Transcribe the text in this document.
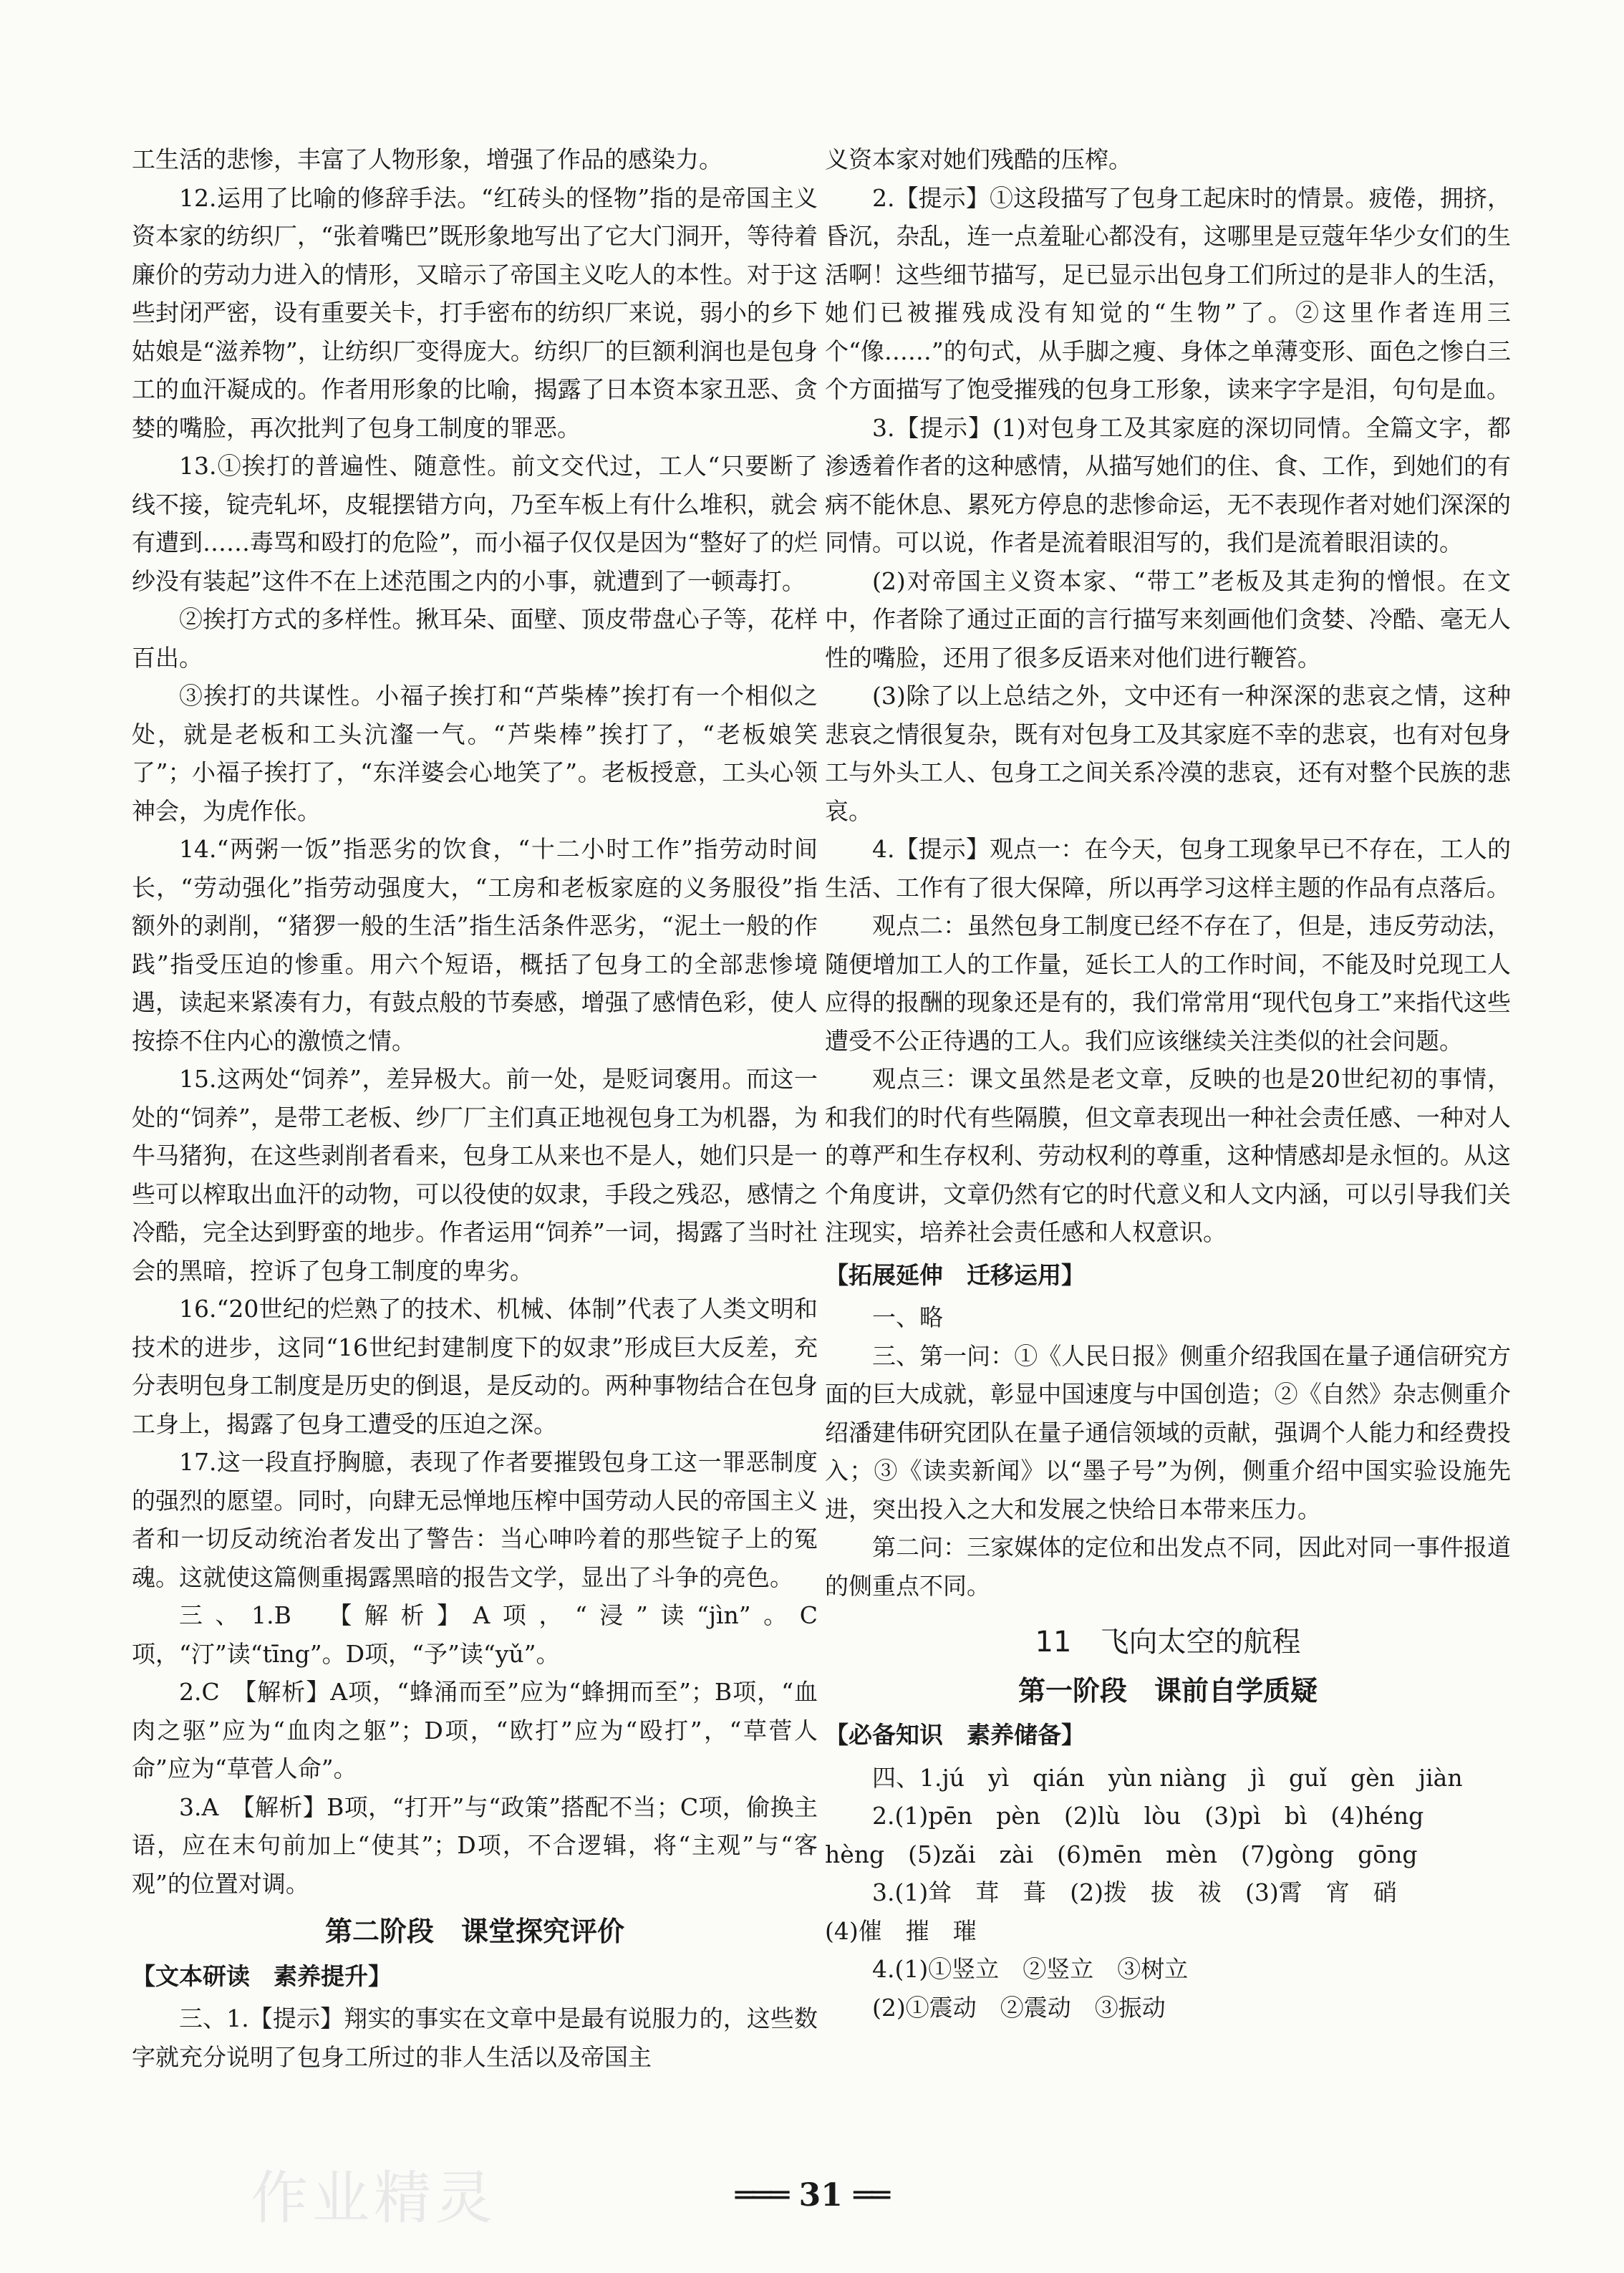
工生活的悲惨，丰富了人物形象，增强了作品的感染力。

12.运用了比喻的修辞手法。“红砖头的怪物”指的是帝国主义资本家的纺织厂，“张着嘴巴”既形象地写出了它大门洞开，等待着廉价的劳动力进入的情形，又暗示了帝国主义吃人的本性。对于这些封闭严密，设有重要关卡，打手密布的纺织厂来说，弱小的乡下姑娘是“滋养物”，让纺织厂变得庞大。纺织厂的巨额利润也是包身工的血汗凝成的。作者用形象的比喻，揭露了日本资本家丑恶、贪婪的嘴脸，再次批判了包身工制度的罪恶。

13.①挨打的普遍性、随意性。前文交代过，工人“只要断了线不接，锭壳轧坏，皮辊摆错方向，乃至车板上有什么堆积，就会有遭到……毒骂和殴打的危险”，而小福子仅仅是因为“整好了的烂纱没有装起”这件不在上述范围之内的小事，就遭到了一顿毒打。

②挨打方式的多样性。揪耳朵、面壁、顶皮带盘心子等，花样百出。

③挨打的共谋性。小福子挨打和“芦柴棒”挨打有一个相似之处，就是老板和工头沆瀣一气。“芦柴棒”挨打了，“老板娘笑了”；小福子挨打了，“东洋婆会心地笑了”。老板授意，工头心领神会，为虎作伥。

14.“两粥一饭”指恶劣的饮食，“十二小时工作”指劳动时间长，“劳动强化”指劳动强度大，“工房和老板家庭的义务服役”指额外的剥削，“猪猡一般的生活”指生活条件恶劣，“泥土一般的作践”指受压迫的惨重。用六个短语，概括了包身工的全部悲惨境遇，读起来紧凑有力，有鼓点般的节奏感，增强了感情色彩，使人按捺不住内心的激愤之情。

15.这两处“饲养”，差异极大。前一处，是贬词褒用。而这一处的“饲养”，是带工老板、纱厂厂主们真正地视包身工为机器，为牛马猪狗，在这些剥削者看来，包身工从来也不是人，她们只是一些可以榨取出血汗的动物，可以役使的奴隶，手段之残忍，感情之冷酷，完全达到野蛮的地步。作者运用“饲养”一词，揭露了当时社会的黑暗，控诉了包身工制度的卑劣。

16.“20世纪的烂熟了的技术、机械、体制”代表了人类文明和技术的进步，这同“16世纪封建制度下的奴隶”形成巨大反差，充分表明包身工制度是历史的倒退，是反动的。两种事物结合在包身工身上，揭露了包身工遭受的压迫之深。

17.这一段直抒胸臆，表现了作者要摧毁包身工这一罪恶制度的强烈的愿望。同时，向肆无忌惮地压榨中国劳动人民的帝国主义者和一切反动统治者发出了警告：当心呻吟着的那些锭子上的冤魂。这就使这篇侧重揭露黑暗的报告文学，显出了斗争的亮色。

三、1.B　【解析】A项，“浸”读“jìn”。C项，“汀”读“tīng”。D项，“予”读“yǔ”。

2.C　【解析】A项，“蜂涌而至”应为“蜂拥而至”；B项，“血肉之驱”应为“血肉之躯”；D项，“欧打”应为“殴打”，“草菅人命”应为“草菅人命”。

3.A　【解析】B项，“打开”与“政策”搭配不当；C项，偷换主语，应在末句前加上“使其”；D项，不合逻辑，将“主观”与“客观”的位置对调。

第二阶段　课堂探究评价
【文本研读　素养提升】

三、1.【提示】翔实的事实在文章中是最有说服力的，这些数字就充分说明了包身工所过的非人生活以及帝国主

义资本家对她们残酷的压榨。

2.【提示】①这段描写了包身工起床时的情景。疲倦，拥挤，昏沉，杂乱，连一点羞耻心都没有，这哪里是豆蔻年华少女们的生活啊！这些细节描写，足已显示出包身工们所过的是非人的生活，她们已被摧残成没有知觉的“生物”了。②这里作者连用三个“像……”的句式，从手脚之瘦、身体之单薄变形、面色之惨白三个方面描写了饱受摧残的包身工形象，读来字字是泪，句句是血。

3.【提示】(1)对包身工及其家庭的深切同情。全篇文字，都渗透着作者的这种感情，从描写她们的住、食、工作，到她们的有病不能休息、累死方停息的悲惨命运，无不表现作者对她们深深的同情。可以说，作者是流着眼泪写的，我们是流着眼泪读的。

(2)对帝国主义资本家、“带工”老板及其走狗的憎恨。在文中，作者除了通过正面的言行描写来刻画他们贪婪、冷酷、毫无人性的嘴脸，还用了很多反语来对他们进行鞭笞。

(3)除了以上总结之外，文中还有一种深深的悲哀之情，这种悲哀之情很复杂，既有对包身工及其家庭不幸的悲哀，也有对包身工与外头工人、包身工之间关系冷漠的悲哀，还有对整个民族的悲哀。

4.【提示】观点一：在今天，包身工现象早已不存在，工人的生活、工作有了很大保障，所以再学习这样主题的作品有点落后。

观点二：虽然包身工制度已经不存在了，但是，违反劳动法，随便增加工人的工作量，延长工人的工作时间，不能及时兑现工人应得的报酬的现象还是有的，我们常常用“现代包身工”来指代这些遭受不公正待遇的工人。我们应该继续关注类似的社会问题。

观点三：课文虽然是老文章，反映的也是20世纪初的事情，和我们的时代有些隔膜，但文章表现出一种社会责任感、一种对人的尊严和生存权利、劳动权利的尊重，这种情感却是永恒的。从这个角度讲，文章仍然有它的时代意义和人文内涵，可以引导我们关注现实，培养社会责任感和人权意识。

【拓展延伸　迁移运用】

一、略

三、第一问：①《人民日报》侧重介绍我国在量子通信研究方面的巨大成就，彰显中国速度与中国创造；②《自然》杂志侧重介绍潘建伟研究团队在量子通信领域的贡献，强调个人能力和经费投入；③《读卖新闻》以“墨子号”为例，侧重介绍中国实验设施先进，突出投入之大和发展之快给日本带来压力。

第二问：三家媒体的定位和出发点不同，因此对同一事件报道的侧重点不同。

11　飞向太空的航程
第一阶段　课前自学质疑
【必备知识　素养储备】

四、1.jú　yì　qián　yùn niàng　jì　guǐ　gèn　jiàn

2.(1)pēn　pèn　(2)lù　lòu　(3)pì　bì　(4)héng

hèng　(5)zǎi　zài　(6)mēn　mèn　(7)gòng　gōng

3.(1)耸　茸　葺　(2)拨　拔　祓　(3)霄　宵　硝

(4)催　摧　璀

4.(1)①竖立　②竖立　③树立

(2)①震动　②震动　③振动

作业精灵	═══ 31 ══
